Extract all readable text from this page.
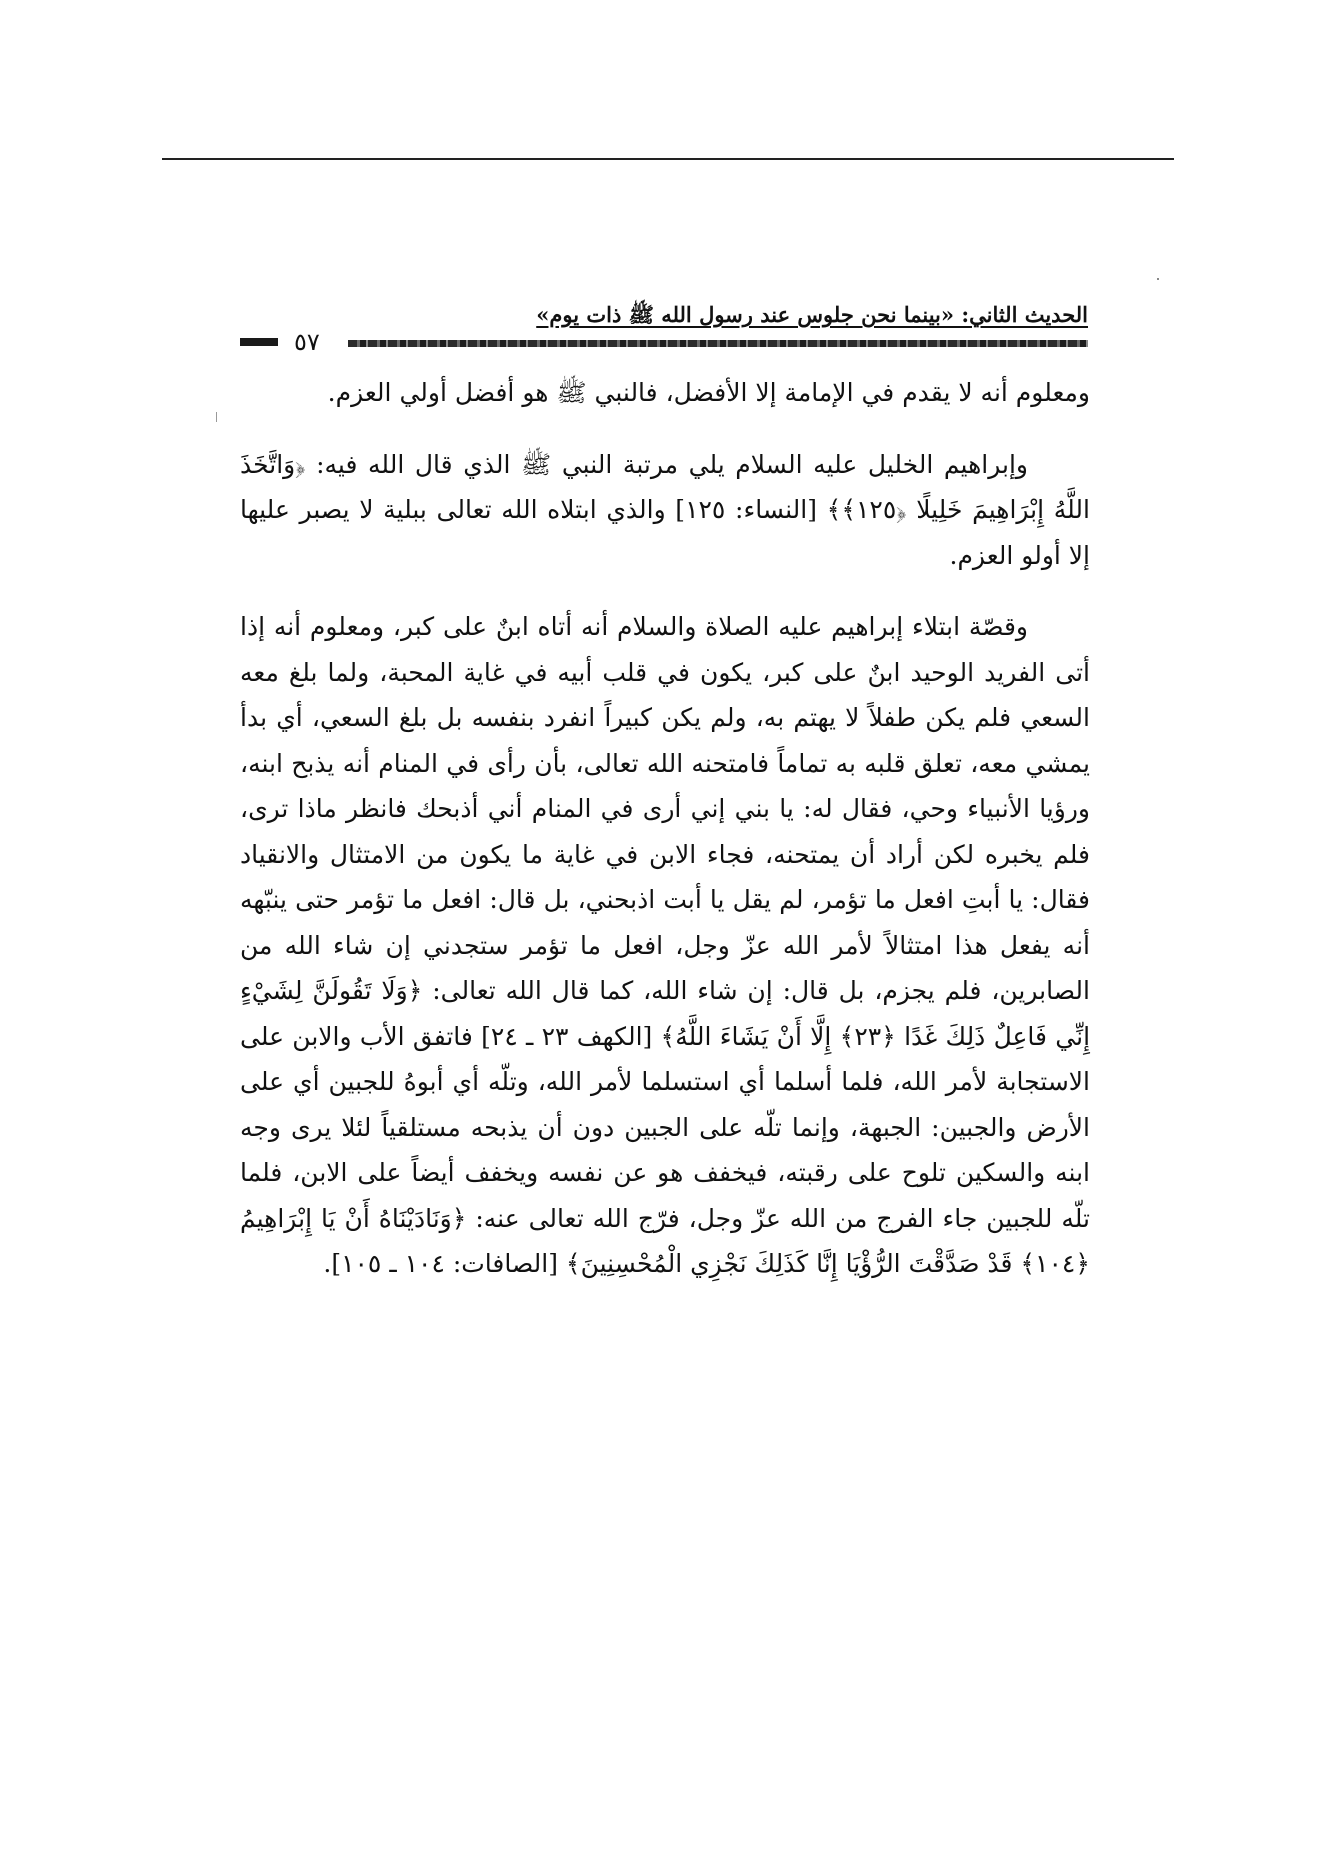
الحديث الثاني: «بينما نحن جلوس عند رسول الله ﷺ ذات يوم»
٥٧

ومعلوم أنه لا يقدم في الإمامة إلا الأفضل، فالنبي ﷺ هو أفضل أولي العزم.

وإبراهيم الخليل عليه السلام يلي مرتبة النبي ﷺ الذي قال الله فيه: ﴿وَاتَّخَذَ اللَّهُ إِبْرَاهِيمَ خَلِيلًا ﴿١٢٥﴾﴾ [النساء: ١٢٥] والذي ابتلاه الله تعالى ببلية لا يصبر عليها إلا أولو العزم.

وقصّة ابتلاء إبراهيم عليه الصلاة والسلام أنه أتاه ابنٌ على كبر، ومعلوم أنه إذا أتى الفريد الوحيد ابنٌ على كبر، يكون في قلب أبيه في غاية المحبة، ولما بلغ معه السعي فلم يكن طفلاً لا يهتم به، ولم يكن كبيراً انفرد بنفسه بل بلغ السعي، أي بدأ يمشي معه، تعلق قلبه به تماماً فامتحنه الله تعالى، بأن رأى في المنام أنه يذبح ابنه، ورؤيا الأنبياء وحي، فقال له: يا بني إني أرى في المنام أني أذبحك فانظر ماذا ترى، فلم يخبره لكن أراد أن يمتحنه، فجاء الابن في غاية ما يكون من الامتثال والانقياد فقال: يا أبتِ افعل ما تؤمر، لم يقل يا أبت اذبحني، بل قال: افعل ما تؤمر حتى ينبّهه أنه يفعل هذا امتثالاً لأمر الله عزّ وجل، افعل ما تؤمر ستجدني إن شاء الله من الصابرين، فلم يجزم، بل قال: إن شاء الله، كما قال الله تعالى: ﴿وَلَا تَقُولَنَّ لِشَيْءٍ إِنِّي فَاعِلٌ ذَلِكَ غَدًا ﴿٢٣﴾ إِلَّا أَنْ يَشَاءَ اللَّهُ﴾ [الكهف ٢٣ ـ ٢٤] فاتفق الأب والابن على الاستجابة لأمر الله، فلما أسلما أي استسلما لأمر الله، وتلّه أي أبوهُ للجبين أي على الأرض والجبين: الجبهة، وإنما تلّه على الجبين دون أن يذبحه مستلقياً لئلا يرى وجه ابنه والسكين تلوح على رقبته، فيخفف هو عن نفسه ويخفف أيضاً على الابن، فلما تلّه للجبين جاء الفرج من الله عزّ وجل، فرّج الله تعالى عنه: ﴿وَنَادَيْنَاهُ أَنْ يَا إِبْرَاهِيمُ ﴿١٠٤﴾ قَدْ صَدَّقْتَ الرُّؤْيَا إِنَّا كَذَلِكَ نَجْزِي الْمُحْسِنِينَ﴾ [الصافات: ١٠٤ ـ ١٠٥].
